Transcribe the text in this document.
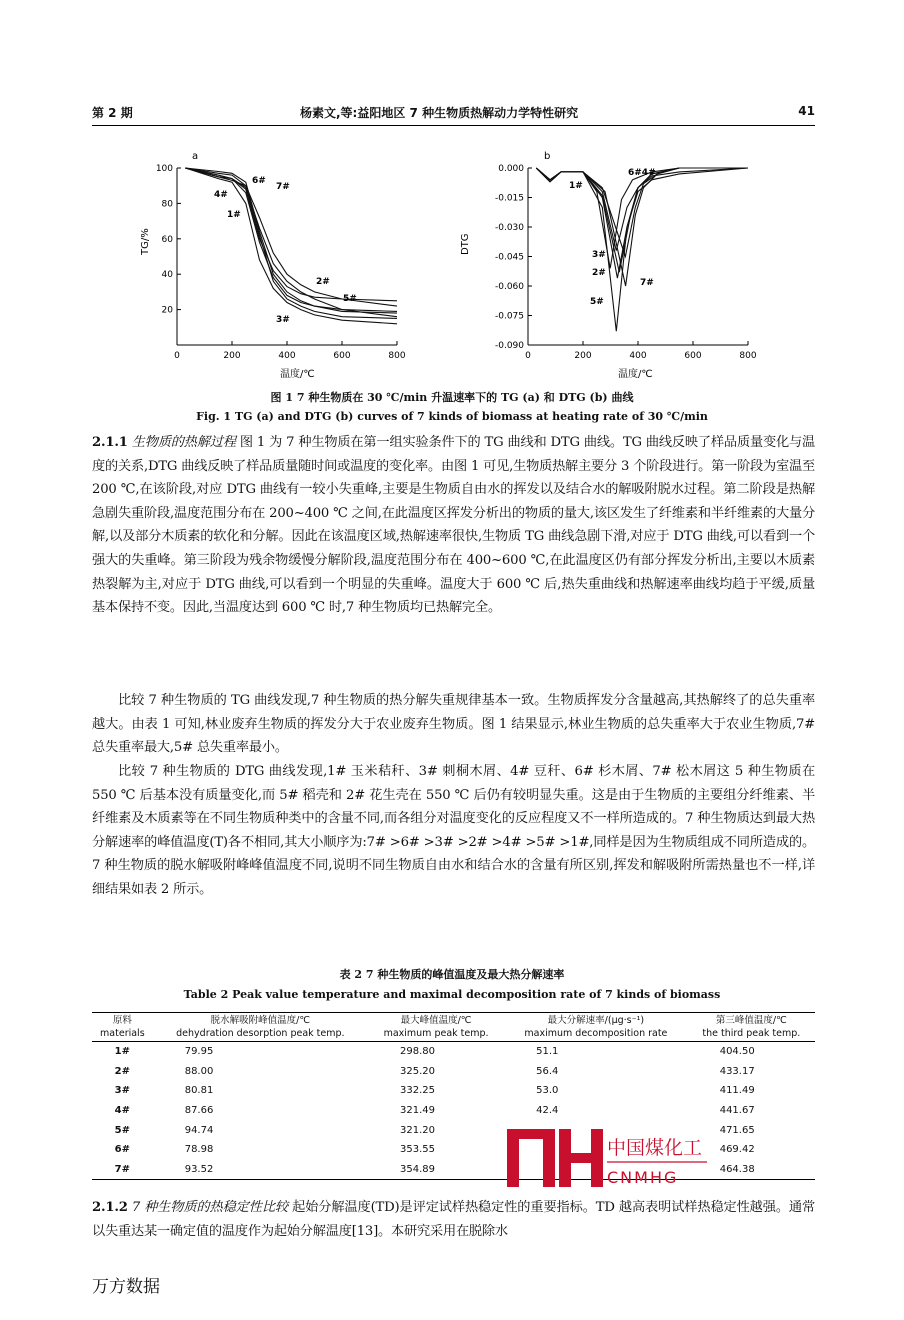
第 2 期	杨素文,等:益阳地区 7 种生物质热解动力学特性研究	41
a
TG/%
温度/℃
0	200	400	600	800
100
80
60
40
20
6#
7#
4#
1#
2#
5#
3#
b
DTG
温度/℃
0	200	400	600	800
0.000
-0.015
-0.030
-0.045
-0.060
-0.075
-0.090
6#4#
1#
3#
2#
7#
5#
图 1 7 种生物质在 30 ℃/min 升温速率下的 TG (a) 和 DTG (b) 曲线
Fig. 1 TG (a) and DTG (b) curves of 7 kinds of biomass at heating rate of 30 ℃/min
2.1.1 生物质的热解过程 图 1 为 7 种生物质在第一组实验条件下的 TG 曲线和 DTG 曲线。TG 曲线反映了样品质量变化与温度的关系,DTG 曲线反映了样品质量随时间或温度的变化率。由图 1 可见,生物质热解主要分 3 个阶段进行。第一阶段为室温至 200 ℃,在该阶段,对应 DTG 曲线有一较小失重峰,主要是生物质自由水的挥发以及结合水的解吸附脱水过程。第二阶段是热解急剧失重阶段,温度范围分布在 200~400 ℃ 之间,在此温度区挥发分析出的物质的量大,该区发生了纤维素和半纤维素的大量分解,以及部分木质素的软化和分解。因此在该温度区域,热解速率很快,生物质 TG 曲线急剧下滑,对应于 DTG 曲线,可以看到一个强大的失重峰。第三阶段为残余物缓慢分解阶段,温度范围分布在 400~600 ℃,在此温度区仍有部分挥发分析出,主要以木质素热裂解为主,对应于 DTG 曲线,可以看到一个明显的失重峰。温度大于 600 ℃ 后,热失重曲线和热解速率曲线均趋于平缓,质量基本保持不变。因此,当温度达到 600 ℃ 时,7 种生物质均已热解完全。
比较 7 种生物质的 TG 曲线发现,7 种生物质的热分解失重规律基本一致。生物质挥发分含量越高,其热解终了的总失重率越大。由表 1 可知,林业废弃生物质的挥发分大于农业废弃生物质。图 1 结果显示,林业生物质的总失重率大于农业生物质,7# 总失重率最大,5# 总失重率最小。
比较 7 种生物质的 DTG 曲线发现,1# 玉米秸秆、3# 刺桐木屑、4# 豆秆、6# 杉木屑、7# 松木屑这 5 种生物质在 550 ℃ 后基本没有质量变化,而 5# 稻壳和 2# 花生壳在 550 ℃ 后仍有较明显失重。这是由于生物质的主要组分纤维素、半纤维素及木质素等在不同生物质种类中的含量不同,而各组分对温度变化的反应程度又不一样所造成的。7 种生物质达到最大热分解速率的峰值温度(T)各不相同,其大小顺序为:7# >6# >3# >2# >4# >5# >1#,同样是因为生物质组成不同所造成的。7 种生物质的脱水解吸附峰峰值温度不同,说明不同生物质自由水和结合水的含量有所区别,挥发和解吸附所需热量也不一样,详细结果如表 2 所示。
表 2 7 种生物质的峰值温度及最大热分解速率
Table 2 Peak value temperature and maximal decomposition rate of 7 kinds of biomass
原料
materials	脱水解吸附峰值温度/℃
dehydration desorption peak temp.	最大峰值温度/℃
maximum peak temp.	最大分解速率/(μg·s⁻¹)
maximum decomposition rate	第三峰值温度/℃
the third peak temp.
1#	79.95	298.80	51.1	404.50
2#	88.00	325.20	56.4	433.17
3#	80.81	332.25	53.0	411.49
4#	87.66	321.49	42.4	441.67
5#	94.74	321.20		471.65
6#	78.98	353.55		469.42
7#	93.52	354.89		464.38
中国煤化工
CNMHG
2.1.2 7 种生物质的热稳定性比较 起始分解温度(TD)是评定试样热稳定性的重要指标。TD 越高表明试样热稳定性越强。通常以失重达某一确定值的温度作为起始分解温度[13]。本研究采用在脱除水
万方数据
